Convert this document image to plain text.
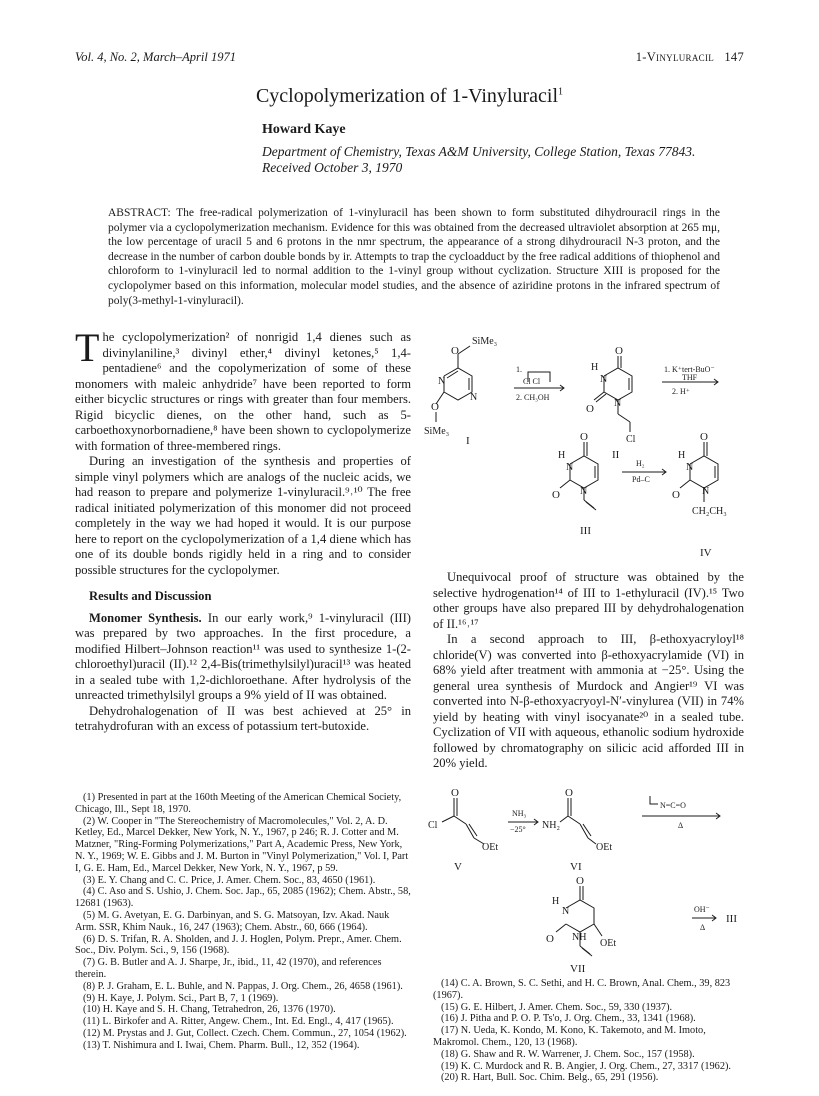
Vol. 4, No. 2, March–April 1971	1-Vinyluracil 147
Cyclopolymerization of 1-Vinyluracil$^1$
Howard Kaye
Department of Chemistry, Texas A&M University, College Station, Texas 77843.
Received October 3, 1970
ABSTRACT: The free-radical polymerization of 1-vinyluracil has been shown to form substituted dihydrouracil rings in the polymer via a cyclopolymerization mechanism. Evidence for this was obtained from the decreased ultraviolet absorption at 265 mμ, the low percentage of uracil 5 and 6 protons in the nmr spectrum, the appearance of a strong dihydrouracil N-3 proton, and the decrease in the number of carbon double bonds by ir. Attempts to trap the cycloadduct by the free radical additions of thiophenol and chloroform to 1-vinyluracil led to normal addition to the 1-vinyl group without cyclization. Structure XIII is proposed for the cyclopolymer based on this information, molecular model studies, and the absence of aziridine protons in the infrared spectrum of poly(3-methyl-1-vinyluracil).

The cyclopolymerization² of nonrigid 1,4 dienes such as divinylaniline,³ divinyl ether,⁴ divinyl ketones,⁵ 1,4-pentadiene⁶ and the copolymerization of some of these monomers with maleic anhydride⁷ have been reported to form either bicyclic structures or rings with greater than four members. Rigid bicyclic dienes, on the other hand, such as 5-carboethoxynorbornadiene,⁸ have been shown to cyclopolymerize with formation of three-membered rings.

During an investigation of the synthesis and properties of simple vinyl polymers which are analogs of the nucleic acids, we had reason to prepare and polymerize 1-vinyluracil.⁹˒¹⁰ The free radical initiated polymerization of this monomer did not proceed completely in the way we had hoped it would. It is our purpose here to report on the cyclopolymerization of a 1,4 diene which has one of its double bonds rigidly held in a ring and to consider possible structures for the cyclopolymer.

Results and Discussion

Monomer Synthesis. In our early work,⁹ 1-vinyluracil (III) was prepared by two approaches. In the first procedure, a modified Hilbert–Johnson reaction¹¹ was used to synthesize 1-(2-chloroethyl)uracil (II).¹² 2,4-Bis(trimethylsilyl)uracil¹³ was heated in a sealed tube with 1,2-dichloroethane. After hydrolysis of the unreacted trimethylsilyl groups a 9% yield of II was obtained.

Dehydrohalogenation of II was best achieved at 25° in tetrahydrofuran with an excess of potassium tert-butoxide.

(1) Presented in part at the 160th Meeting of the American Chemical Society, Chicago, Ill., Sept 18, 1970.
(2) W. Cooper in "The Stereochemistry of Macromolecules," Vol. 2, A. D. Ketley, Ed., Marcel Dekker, New York, N. Y., 1967, p 246; R. J. Cotter and M. Matzner, "Ring-Forming Polymerizations," Part A, Academic Press, New York, N. Y., 1969; W. E. Gibbs and J. M. Burton in "Vinyl Polymerization," Vol. I, Part I, G. E. Ham, Ed., Marcel Dekker, New York, N. Y., 1967, p 59.
(3) E. Y. Chang and C. C. Price, J. Amer. Chem. Soc., 83, 4650 (1961).
(4) C. Aso and S. Ushio, J. Chem. Soc. Jap., 65, 2085 (1962); Chem. Abstr., 58, 12681 (1963).
(5) M. G. Avetyan, E. G. Darbinyan, and S. G. Matsoyan, Izv. Akad. Nauk Arm. SSR, Khim Nauk., 16, 247 (1963); Chem. Abstr., 60, 666 (1964).
(6) D. S. Trifan, R. A. Sholden, and J. J. Hoglen, Polym. Prepr., Amer. Chem. Soc., Div. Polym. Sci., 9, 156 (1968).
(7) G. B. Butler and A. J. Sharpe, Jr., ibid., 11, 42 (1970), and references therein.
(8) P. J. Graham, E. L. Buhle, and N. Pappas, J. Org. Chem., 26, 4658 (1961).
(9) H. Kaye, J. Polym. Sci., Part B, 7, 1 (1969).
(10) H. Kaye and S. H. Chang, Tetrahedron, 26, 1376 (1970).
(11) L. Birkofer and A. Ritter, Angew. Chem., Int. Ed. Engl., 4, 417 (1965).
(12) M. Prystas and J. Gut, Collect. Czech. Chem. Commun., 27, 1054 (1962).
(13) T. Nishimura and I. Iwai, Chem. Pharm. Bull., 12, 352 (1964).
O
SiMe₃
N
N
O
SiMe₃
I
1.
Cl Cl
2. CH₃OH
O
H
N
O N
Cl
II
1. K⁺tert-BuO⁻
THF
2. H⁺
O
H
N
O N
III
H₂
Pd–C
O
H
N
O N
CH₂CH₃
IV

Unequivocal proof of structure was obtained by the selective hydrogenation¹⁴ of III to 1-ethyluracil (IV).¹⁵ Two other groups have also prepared III by dehydrohalogenation of II.¹⁶˒¹⁷

In a second approach to III, β-ethoxyacryloyl¹⁸ chloride(V) was converted into β-ethoxyacrylamide (VI) in 68% yield after treatment with ammonia at −25°. Using the general urea synthesis of Murdock and Angier¹⁹ VI was converted into N-β-ethoxyacryoyl-N′-vinylurea (VII) in 74% yield by heating with vinyl isocyanate²⁰ in a sealed tube. Cyclization of VII with aqueous, ethanolic sodium hydroxide followed by chromatography on silicic acid afforded III in 20% yield.

O
Cl
OEt
V
NH₃
−25°
O
NH₂
OEt
VI
N=C=O
Δ
O
H
N
O NH
OEt
VII
OH⁻
Δ
III
(14) C. A. Brown, S. C. Sethi, and H. C. Brown, Anal. Chem., 39, 823 (1967).
(15) G. E. Hilbert, J. Amer. Chem. Soc., 59, 330 (1937).
(16) J. Pitha and P. O. P. Ts'o, J. Org. Chem., 33, 1341 (1968).
(17) N. Ueda, K. Kondo, M. Kono, K. Takemoto, and M. Imoto, Makromol. Chem., 120, 13 (1968).
(18) G. Shaw and R. W. Warrener, J. Chem. Soc., 157 (1958).
(19) K. C. Murdock and R. B. Angier, J. Org. Chem., 27, 3317 (1962).
(20) R. Hart, Bull. Soc. Chim. Belg., 65, 291 (1956).
